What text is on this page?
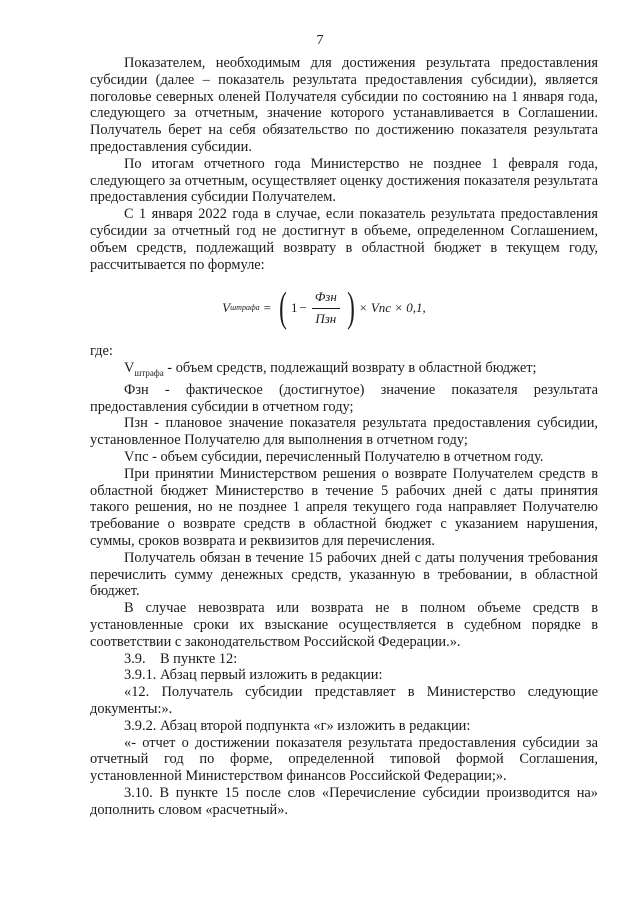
7

Показателем, необходимым для достижения результата предоставления субсидии (далее – показатель результата предоставления субсидии), является поголовье северных оленей Получателя субсидии по состоянию на 1 января года, следующего за отчетным, значение которого устанавливается в Соглашении. Получатель берет на себя обязательство по достижению показателя результата предоставления субсидии.

По итогам отчетного года Министерство не позднее 1 февраля года, следующего за отчетным, осуществляет оценку достижения показателя результата предоставления субсидии Получателем.

С 1 января 2022 года в случае, если показатель результата предоставления субсидии за отчетный год не достигнут в объеме, определенном Соглашением, объем средств, подлежащий возврату в областной бюджет в текущем году, рассчитывается по формуле:

V штрафа = ( $1 - \frac{\text{Фзн}}{\text{Пзн}}$ ) × Vпс × 0,1,

где:

$V_{штрафа}$ - объем средств, подлежащий возврату в областной бюджет;

Фзн - фактическое (достигнутое) значение показателя результата предоставления субсидии в отчетном году;

Пзн - плановое значение показателя результата предоставления субсидии, установленное Получателю для выполнения в отчетном году;

Vпс - объем субсидии, перечисленный Получателю в отчетном году.

При принятии Министерством решения о возврате Получателем средств в областной бюджет Министерство в течение 5 рабочих дней с даты принятия такого решения, но не позднее 1 апреля текущего года направляет Получателю требование о возврате средств в областной бюджет с указанием нарушения, суммы, сроков возврата и реквизитов для перечисления.

Получатель обязан в течение 15 рабочих дней с даты получения требования перечислить сумму денежных средств, указанную в требовании, в областной бюджет.

В случае невозврата или возврата не в полном объеме средств в установленные сроки их взыскание осуществляется в судебном порядке в соответствии с законодательством Российской Федерации.».

3.9.    В пункте 12:

3.9.1. Абзац первый изложить в редакции:

«12. Получатель субсидии представляет в Министерство следующие документы:».

3.9.2. Абзац второй подпункта «г» изложить в редакции:

«- отчет о достижении показателя результата предоставления субсидии за отчетный год по форме, определенной типовой формой Соглашения, установленной Министерством финансов Российской Федерации;».

3.10. В пункте 15 после слов «Перечисление субсидии производится на» дополнить словом «расчетный».
